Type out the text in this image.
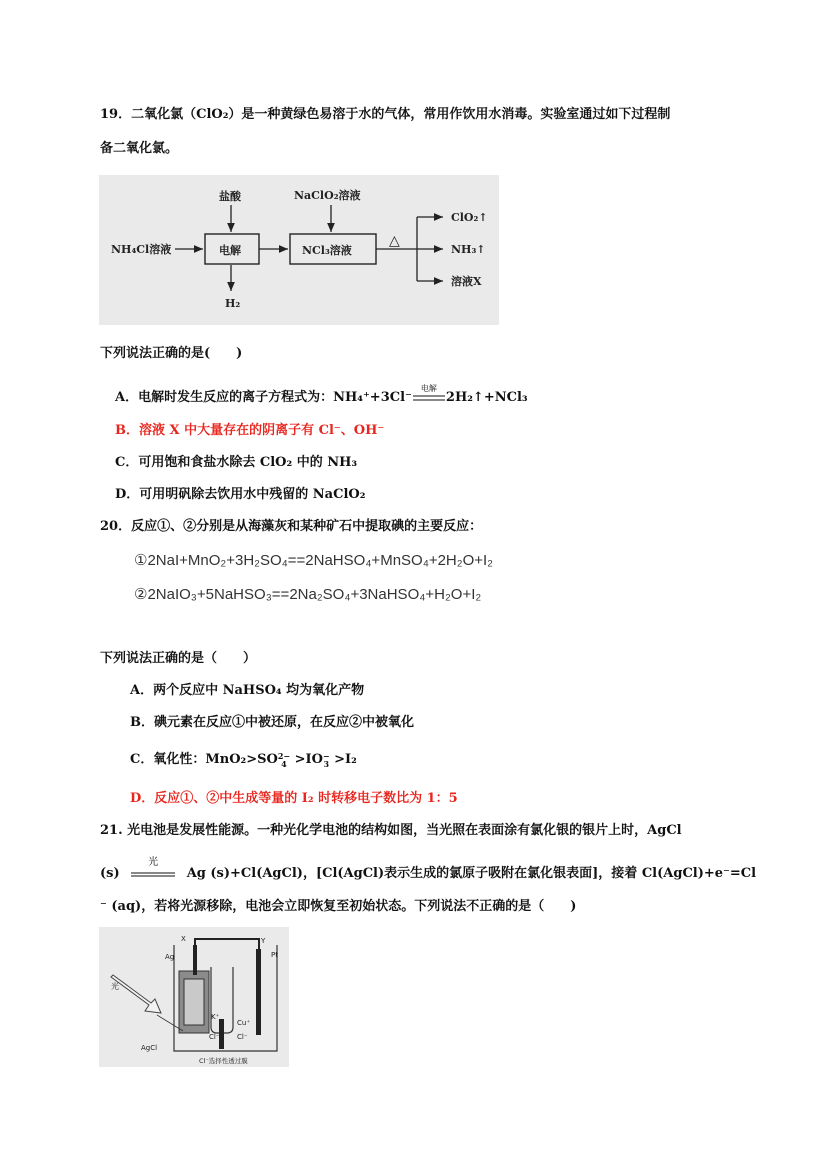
19．二氧化氯（ClO₂）是一种黄绿色易溶于水的气体，常用作饮用水消毒。实验室通过如下过程制
备二氧化氯。
NH₄Cl溶液
盐酸
电解
H₂
NaClO₂溶液
NCl₃溶液
△
ClO₂↑
NH₃↑
溶液X
下列说法正确的是(　　)
A．电解时发生反应的离子方程式为：NH₄⁺+3Cl⁻
电解
2H₂↑+NCl₃
B．溶液 X 中大量存在的阴离子有 Cl⁻、OH⁻
C．可用饱和食盐水除去 ClO₂ 中的 NH₃
D．可用明矾除去饮用水中残留的 NaClO₂
20．反应①、②分别是从海藻灰和某种矿石中提取碘的主要反应：
①2NaI+MnO₂+3H₂SO₄==2NaHSO₄+MnSO₄+2H₂O+I₂
②2NaIO₃+5NaHSO₃==2Na₂SO₄+3NaHSO₄+H₂O+I₂
下列说法正确的是（　　）
A．两个反应中 NaHSO₄ 均为氧化产物
B．碘元素在反应①中被还原，在反应②中被氧化
C．氧化性：MnO₂>SO2−
4 >IO−
3 >I₂
D．反应①、②中生成等量的 I₂ 时转移电子数比为 1：5
21. 光电池是发展性能源。一种光化学电池的结构如图，当光照在表面涂有氯化银的银片上时，AgCl
(s)
光
Ag (s)+Cl(AgCl)，[Cl(AgCl)表示生成的氯原子吸附在氯化银表面]，接着 Cl(AgCl)+e⁻=Cl
⁻ (aq)，若将光源移除，电池会立即恢复至初始状态。下列说法不正确的是（　　)
X	Y
Ag	Pt
光
AgCl
K⁺
Cl⁻
Cu⁺
Cl⁻
Cl⁻选择性透过膜
